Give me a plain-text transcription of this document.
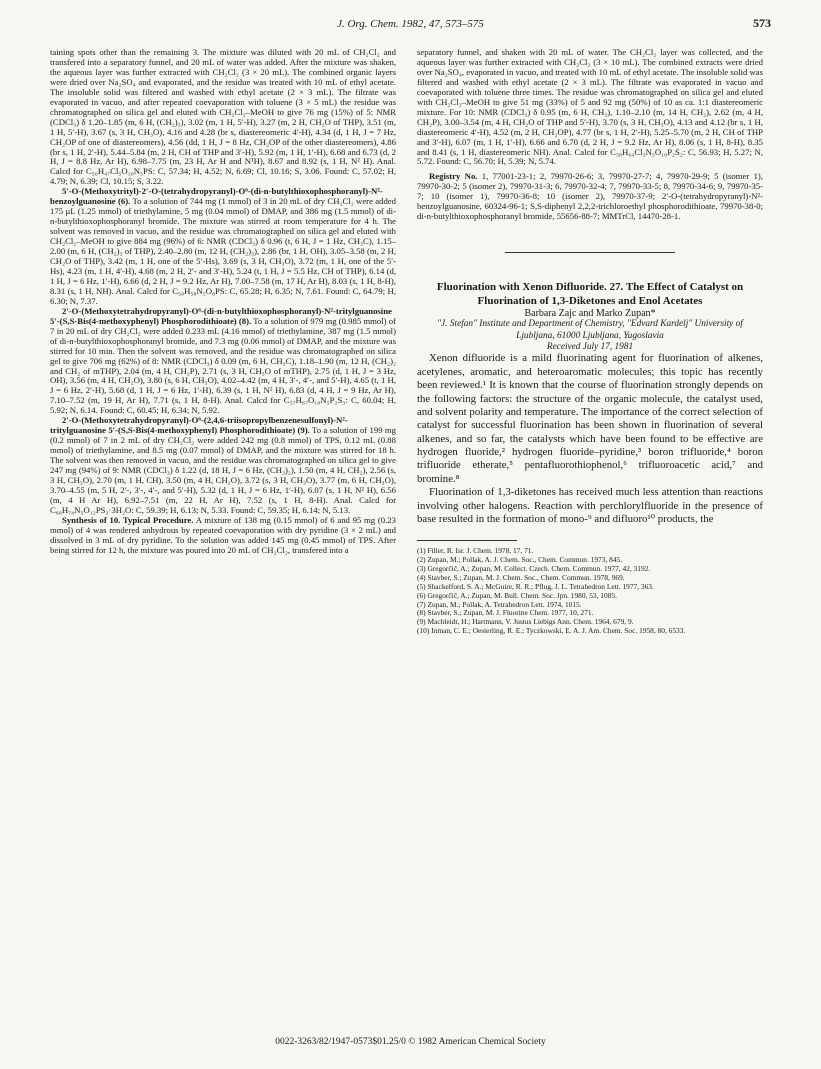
J. Org. Chem. 1982, 47, 573–575	573

taining spots other than the remaining 3. The mixture was diluted with 20 mL of CH₂Cl₂ and transfered into a separatory funnel, and 20 mL of water was added. After the mixture was shaken, the aqueous layer was further extracted with CH₂Cl₂ (3 × 20 mL). The combined organic layers were dried over Na₂SO₄ and evaporated, and the residue was treated with 10 mL of ethyl acetate. The insoluble solid was filtered and washed with ethyl acetate (2 × 3 mL). The filtrate was evaporated in vacuo, and after repeated coevaporation with toluene (3 × 5 mL) the residue was chromatographed on silica gel and eluted with CH₂Cl₂–MeOH to give 76 mg (15%) of 5: NMR (CDCl₃) δ 1.20–1.85 (m, 6 H, (CH₂)₃), 3.02 (m, 1 H, 5′-H), 3.27 (m, 2 H, CH₂O of THP), 3.51 (m, 1 H, 5′-H), 3.67 (s, 3 H, CH₃O), 4.16 and 4.28 (br s, diastereomeric 4′-H), 4.34 (d, 1 H, J = 7 Hz, CH₂OP of one of diastereomers), 4.56 (dd, 1 H, J = 8 Hz, CH₂OP of the other diastereomers), 4.86 (br s, 1 H, 2′-H), 5.44–5.84 (m, 2 H, CH of THP and 3′-H), 5.92 (m, 1 H, 1′-H), 6.68 and 6.73 (d, 2 H, J = 8.8 Hz, Ar H), 6.98–7.75 (m, 23 H, Ar H and N¹H), 8.67 and 8.92 (s, 1 H, N² H). Anal. Calcd for C₅₀H₄₇Cl₅O₁₀N₅PS: C, 57.34; H, 4.52; N, 6.69; Cl, 10.16; S, 3.06. Found: C, 57.02; H, 4.79; N, 6.39; Cl, 10.15; S, 3.22.

5′-O-(Methoxytrityl)-2′-O-(tetrahydropyranyl)-O⁶-(di-n-butylthioxophosphoranyl)-N²-benzoylguanosine (6). To a solution of 744 mg (1 mmol) of 3 in 20 mL of dry CH₂Cl₂ were added 175 μL (1.25 mmol) of triethylamine, 5 mg (0.04 mmol) of DMAP, and 386 mg (1.5 mmol) of di-n-butylthioxophosphoranyl bromide. The mixture was stirred at room temperature for 4 h. The solvent was removed in vacuo, and the residue was chromatographed on silica gel and eluted with CH₂Cl₂–MeOH to give 884 mg (96%) of 6: NMR (CDCl₃) δ 0.96 (t, 6 H, J = 1 Hz, CH₃C), 1.15–2.00 (m, 6 H, (CH₂)₃ of THP), 2.40–2.80 (m, 12 H, (CH₂)₃), 2.86 (br, 1 H, OH), 3.05–3.58 (m, 2 H, CH₂O of THP), 3.42 (m, 1 H, one of the 5′-Hs), 3.69 (s, 3 H, CH₃O), 3.72 (m, 1 H, one of the 5′-Hs), 4.23 (m, 1 H, 4′-H), 4.68 (m, 2 H, 2′- and 3′-H), 5.24 (t, 1 H, J = 5.5 Hz, CH of THP), 6.14 (d, 1 H, J = 6 Hz, 1′-H), 6.66 (d, 2 H, J = 9.2 Hz, Ar H), 7.00–7.58 (m, 17 H, Ar H), 8.03 (s, 1 H, 8-H), 8.31 (s, 1 H, NH). Anal. Calcd for C₅₀H₅₈N₅O₈PS: C, 65.28; H, 6.35; N, 7.61. Found: C, 64.79; H, 6.30; N, 7.37.

2′-O-(Methoxytetrahydropyranyl)-O⁶-(di-n-butylthioxophosphoranyl)-N²-tritylguanosine 5′-(S,S-Bis(4-methoxyphenyl) Phosphorodithioate) (8). To a solution of 979 mg (0.985 mmol) of 7 in 20 mL of dry CH₂Cl₂ were added 0.233 mL (4.16 mmol) of triethylamine, 387 mg (1.5 mmol) of di-n-butylthioxophosphoranyl bromide, and 7.3 mg (0.06 mmol) of DMAP, and the mixture was stirred for 10 min. Then the solvent was removed, and the residue was chromatographed on silica gel to give 706 mg (62%) of 8: NMR (CDCl₃) δ 0.09 (m, 6 H, CH₃C), 1.18–1.90 (m, 12 H, (CH₂)₂ and CH₂ of mTHP), 2.04 (m, 4 H, CH₂P), 2.71 (s, 3 H, CH₃O of mTHP), 2.75 (d, 1 H, J = 3 Hz, OH), 3.56 (m, 4 H, CH₂O), 3.80 (s, 6 H, CH₃O), 4.02–4.42 (m, 4 H, 3′-, 4′-, and 5′-H), 4.65 (t, 1 H, J = 6 Hz, 2′-H), 5.68 (d, 1 H, J = 6 Hz, 1′-H), 6.39 (s, 1 H, N² H), 6.83 (d, 4 H, J = 9 Hz, Ar H), 7.10–7.52 (m, 19 H, Ar H), 7.71 (s, 1 H, 8-H). Anal. Calcd for C₅₇H₆₇O₁₀N₅P₂S₃: C, 60.04; H, 5.92; N, 6.14. Found: C, 60.45; H, 6.34; N, 5.92.

2′-O-(Methoxytetrahydropyranyl)-O⁶-(2,4,6-triisopropylbenzenesulfonyl)-N²-tritylguanosine 5′-(S,S-Bis(4-methoxyphenyl) Phosphorodithioate) (9). To a solution of 199 mg (0.2 mmol) of 7 in 2 mL of dry CH₂Cl₂ were added 242 mg (0.8 mmol) of TPS, 0.12 mL (0.88 mmol) of triethylamine, and 8.5 mg (0.07 mmol) of DMAP, and the mixture was stirred for 18 h. The solvent was then removed in vacuo, and the residue was chromatographed on silica gel to give 247 mg (94%) of 9: NMR (CDCl₃) δ 1.22 (d, 18 H, J = 6 Hz, (CH₃)₂), 1.50 (m, 4 H, CH₂), 2.56 (s, 3 H, CH₃O), 2.70 (m, 1 H, CH), 3.50 (m, 4 H, CH₂O), 3.72 (s, 3 H, CH₃O), 3.77 (m, 6 H, CH₃O), 3.70–4.55 (m, 5 H, 2′-, 3′-, 4′-, and 5′-H), 5.32 (d, 1 H, J = 6 Hz, 1′-H), 6.07 (s, 1 H, N² H), 6.56 (m, 4 H Ar H), 6.92–7.51 (m, 22 H, Ar H), 7.52 (s, 1 H, 8-H). Anal. Calcd for C₆₆H₇₄N₅O₁₂PS₃·3H₂O: C, 59.39; H, 6.13; N, 5.33. Found: C, 59.35; H, 6.14; N, 5.13.

Synthesis of 10. Typical Procedure. A mixture of 138 mg (0.15 mmol) of 6 and 95 mg (0.23 mmol) of 4 was rendered anhydrous by repeated coevaporation with dry pyridine (3 × 2 mL) and dissolved in 3 mL of dry pyridine. To the solution was added 145 mg (0.45 mmol) of TPS. After being stirred for 12 h, the mixture was poured into 20 mL of CH₂Cl₂, transfered into a

separatory funnel, and shaken with 20 mL of water. The CH₂Cl₂ layer was collected, and the aqueous layer was further extracted with CH₂Cl₂ (3 × 10 mL). The combined extracts were dried over Na₂SO₄, evaporated in vacuo, and treated with 10 mL of ethyl acetate. The insoluble solid was filtered and washed with ethyl acetate (2 × 3 mL). The filtrate was evaporated in vacuo and coevaporated with toluene three times. The residue was chromatographed on silica gel and eluted with CH₂Cl₂–MeOH to give 51 mg (33%) of 5 and 92 mg (50%) of 10 as ca. 1:1 diastereomeric mixture. For 10: NMR (CDCl₃) δ 0.95 (m, 6 H, CH₃), 1.10–2.10 (m, 14 H, CH₂), 2.62 (m, 4 H, CH₂P), 3.00–3.54 (m, 4 H, CH₂O of THP and 5′-H), 3.70 (s, 3 H, CH₃O), 4.13 and 4.12 (br s, 1 H, diastereomeric 4′-H), 4.52 (m, 2 H, CH₂OP), 4.77 (br s, 1 H, 2′-H), 5.25–5.70 (m, 2 H, CH of THP and 3′-H), 6.07 (m, 1 H, 1′-H), 6.66 and 6.70 (d, 2 H, J = 9.2 Hz, Ar H), 8.06 (s, 1 H, 8-H), 8.35 and 8.41 (s, 1 H, diastereomeric NH). Anal. Calcd for C₅₈H₆₄Cl₃N₅O₁₀P₂S₂: C, 56.93; H, 5.27; N, 5.72. Found: C, 56.70; H, 5.39; N, 5.74.

Registry No. 1, 77001-23-1; 2, 79970-26-6; 3, 79970-27-7; 4, 79970-29-9; 5 (isomer 1), 79970-30-2; 5 (isomer 2), 79970-31-3; 6, 79970-32-4; 7, 79970-33-5; 8, 79970-34-6; 9, 79970-35-7; 10 (isomer 1), 79970-36-8; 10 (isomer 2), 79970-37-9; 2′-O-(tetrahydropyranyl)-N²-benzoylguanosine, 60324-96-1; S,S-diphenyl 2,2,2-trichloroethyl phosphorodithioate, 79970-38-0; di-n-butylthioxophosphoranyl bromide, 55656-88-7; MMTrCl, 14470-28-1.

Fluorination with Xenon Difluoride. 27. The Effect of Catalyst on Fluorination of 1,3-Diketones and Enol Acetates

Barbara Zajc and Marko Zupan*

"J. Stefan" Institute and Department of Chemistry, "Edvard Kardelj" University of Ljubljana, 61000 Ljubljana, Yugoslavia

Received July 17, 1981

Xenon difluoride is a mild fluorinating agent for fluorination of alkenes, acetylenes, aromatic, and heteroaromatic molecules; this topic has recently been reviewed.¹ It is known that the course of fluorination strongly depends on the following factors: the structure of the organic molecule, the catalyst used, and solvent polarity and temperature. The importance of the correct selection of catalyst for successful fluorination has been shown in fluorination of several alkenes, and so far, the catalysts which have been found to be effective are hydrogen fluoride,² hydrogen fluoride–pyridine,³ boron trifluoride,⁴ boron trifluoride etherate,⁵ pentafluorothiophenol,⁶ trifluoroacetic acid,⁷ and bromine.⁸

Fluorination of 1,3-diketones has received much less attention than reactions involving other halogens. Reaction with perchlorylfluoride in the presence of base resulted in the formation of mono-⁹ and difluoro¹⁰ products, the

(1) Filler, R. Isr. J. Chem. 1978, 17, 71.

(2) Zupan, M.; Pollak, A. J. Chem. Soc., Chem. Commun. 1973, 845.

(3) Gregorčič, A.; Zupan, M. Collect. Czech. Chem. Commun. 1977, 42, 3192.

(4) Stavber, S.; Zupan, M. J. Chem. Soc., Chem. Commun. 1978, 969.

(5) Shackelford, S. A.; McGuire, R. R.; Pflug, J. L. Tetrahedron Lett. 1977, 363.

(6) Gregorčič, A.; Zupan, M. Bull. Chem. Soc. Jpn. 1980, 53, 1085.

(7) Zupan, M.; Pollak, A. Tetrahedron Lett. 1974, 1015.

(8) Stavber, S.; Zupan, M. J. Fluorine Chem. 1977, 10, 271.

(9) Machleidt, H.; Hartmann, V. Justus Liebigs Ann. Chem. 1964, 679, 9.

(10) Inman, C. E.; Oesterling, R. E.; Tyczkowski, E. A. J. Am. Chem. Soc. 1958, 80, 6533.

0022-3263/82/1947-0573$01.25/0 © 1982 American Chemical Society
